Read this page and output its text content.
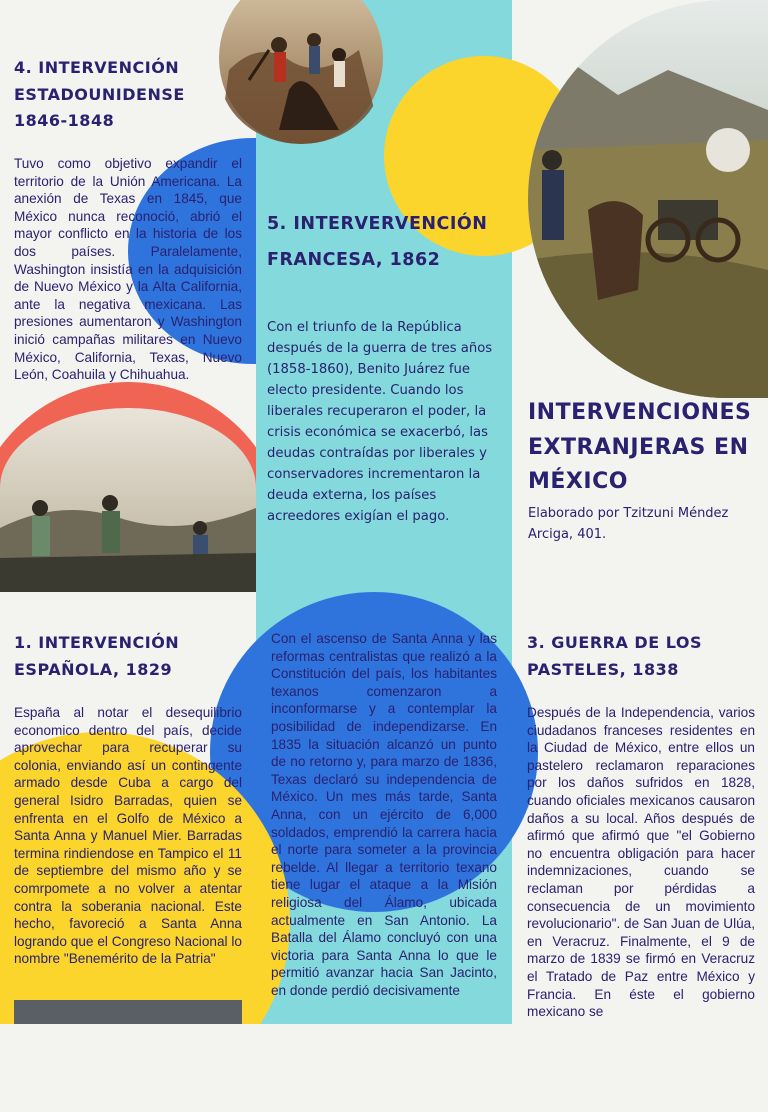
4. INTERVENCIÓN ESTADOUNIDENSE 1846-1848

Tuvo como objetivo expandir el territorio de la Unión Americana. La anexión de Texas en 1845, que México nunca reconoció, abrió el mayor conflicto en la historia de los dos países. Paralelamente, Washington insistía en la adquisición de Nuevo México y la Alta California, ante la negativa mexicana. Las presiones aumentaron y Washington inició campañas militares en Nuevo México, California, Texas, Nuevo León, Coahuila y Chihuahua.

5. INTERVERVENCIÓN FRANCESA, 1862

Con el triunfo de la República después de la guerra de tres años (1858-1860), Benito Juárez fue electo presidente. Cuando los liberales recuperaron el poder, la crisis económica se exacerbó, las deudas contraídas por liberales y conservadores incrementaron la deuda externa, los países acreedores exigían el pago.

INTERVENCIONES EXTRANJERAS EN MÉXICO

Elaborado por Tzitzuni Méndez Arciga, 401.

1. INTERVENCIÓN ESPAÑOLA, 1829

España al notar el desequilibrio economico dentro del país, decide aprovechar para recuperar su colonia, enviando así un contingente armado desde Cuba a cargo del general Isidro Barradas, quien se enfrenta en el Golfo de México a Santa Anna y Manuel Mier. Barradas termina rindiendose en Tampico el 11 de septiembre del mismo año y se comrpomete a no volver a atentar contra la soberania nacional. Este hecho, favoreció a Santa Anna logrando que el Congreso Nacional lo nombre "Benemérito de la Patria"

Con el ascenso de Santa Anna y las reformas centralistas que realizó a la Constitución del país, los habitantes texanos comenzaron a inconformarse y a contemplar la posibilidad de independizarse. En 1835 la situación alcanzó un punto de no retorno y, para marzo de 1836, Texas declaró su independencia de México. Un mes más tarde, Santa Anna, con un ejército de 6,000 soldados, emprendió la carrera hacia el norte para someter a la provincia rebelde. Al llegar a territorio texano tiene lugar el ataque a la Misión religiosa del Álamo, ubicada actualmente en San Antonio. La Batalla del Álamo concluyó con una victoria para Santa Anna lo que le permitió avanzar hacia San Jacinto, en donde perdió decisivamente

3. GUERRA DE LOS PASTELES, 1838

Después de la Independencia, varios ciudadanos franceses residentes en la Ciudad de México, entre ellos un pastelero reclamaron reparaciones por los daños sufridos en 1828, cuando oficiales mexicanos causaron daños a su local. Años después de afirmó que afirmó que "el Gobierno no encuentra obligación para hacer indemnizaciones, cuando se reclaman por pérdidas a consecuencia de un movimiento revolucionario". de San Juan de Ulúa, en Veracruz. Finalmente, el 9 de marzo de 1839 se firmó en Veracruz el Tratado de Paz entre México y Francia. En éste el gobierno mexicano se
